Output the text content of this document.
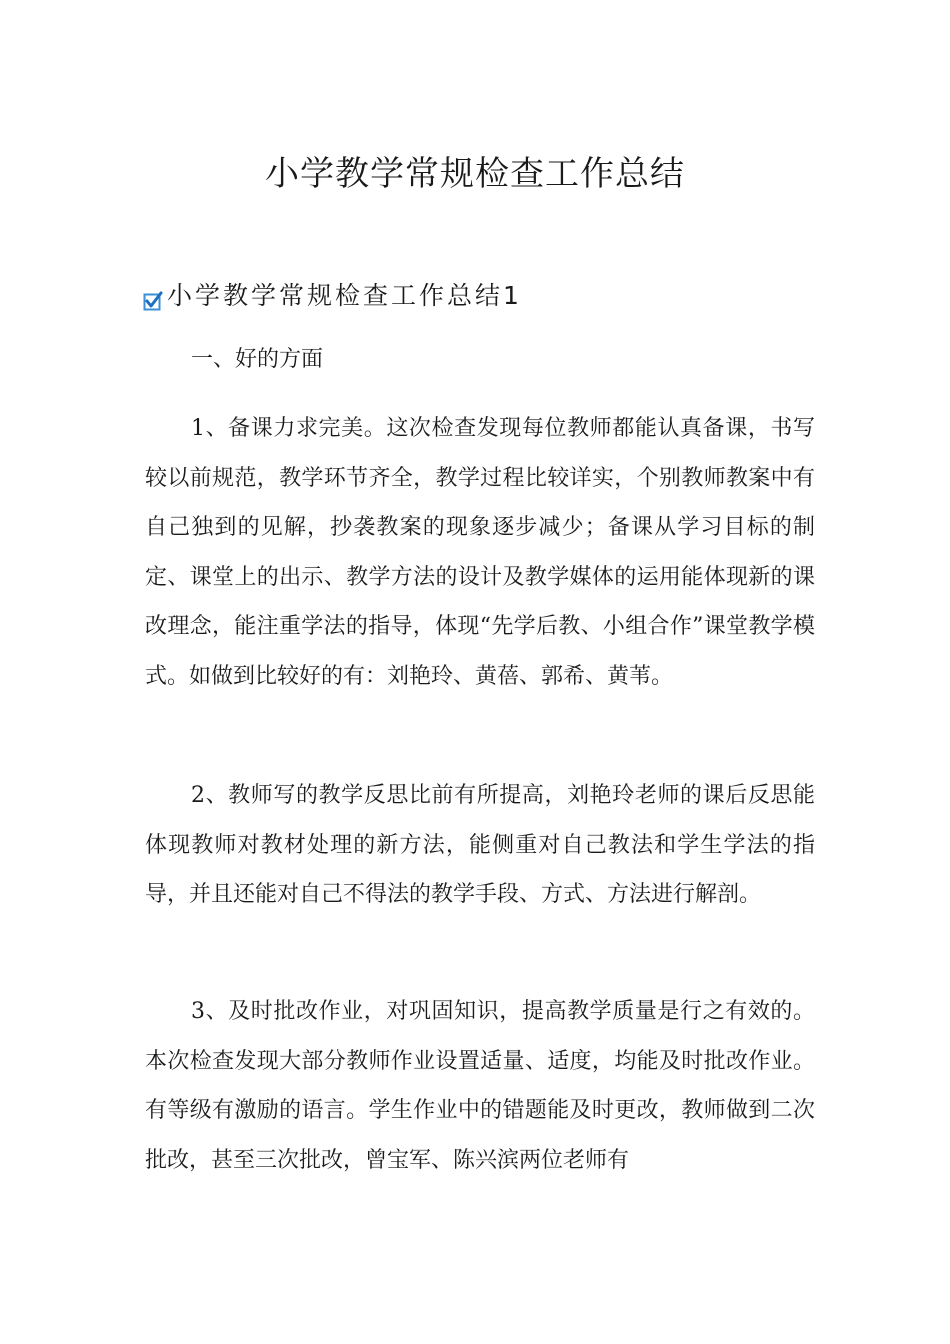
小学教学常规检查工作总结
小学教学常规检查工作总结1
一、好的方面

1、备课力求完美。这次检查发现每位教师都能认真备课，书写较以前规范，教学环节齐全，教学过程比较详实，个别教师教案中有自己独到的见解，抄袭教案的现象逐步减少；备课从学习目标的制定、课堂上的出示、教学方法的设计及教学媒体的运用能体现新的课改理念，能注重学法的指导，体现“先学后教、小组合作”课堂教学模式。如做到比较好的有：刘艳玲、黄蓓、郭希、黄苇。

2、教师写的教学反思比前有所提高，刘艳玲老师的课后反思能体现教师对教材处理的新方法，能侧重对自己教法和学生学法的指导，并且还能对自己不得法的教学手段、方式、方法进行解剖。

3、及时批改作业，对巩固知识，提高教学质量是行之有效的。本次检查发现大部分教师作业设置适量、适度，均能及时批改作业。有等级有激励的语言。学生作业中的错题能及时更改，教师做到二次批改，甚至三次批改，曾宝军、陈兴滨两位老师有
